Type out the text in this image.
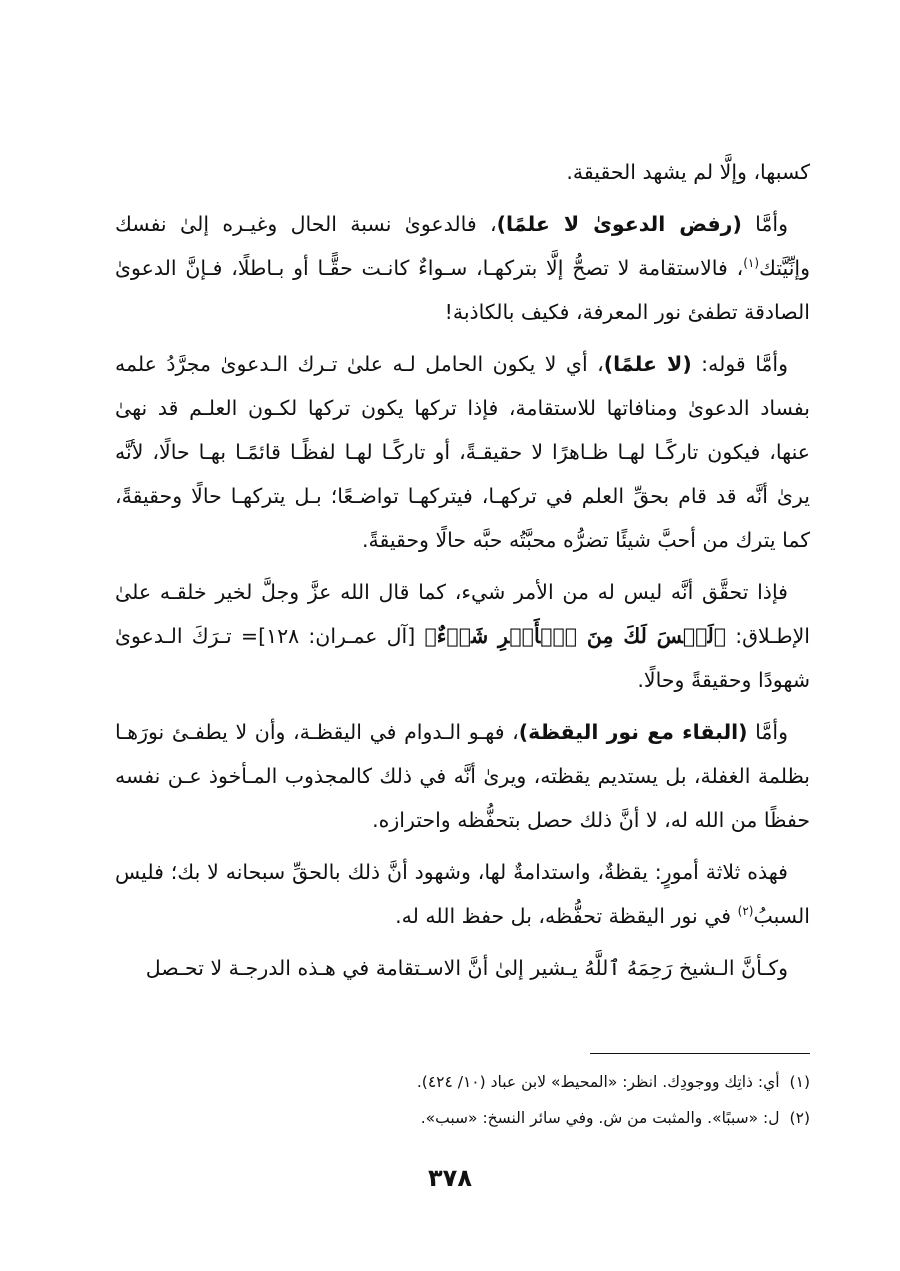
كسبها، وإلَّا لم يشهد الحقيقة.

وأمَّا (رفض الدعوىٰ لا علمًا)، فالدعوىٰ نسبة الحال وغيـره إلىٰ نفسك وإنِّيَّتك$^{(١)}$، فالاستقامة لا تصحُّ إلَّا بتركهـا، سـواءٌ كانـت حقًّـا أو بـاطلًا، فـإنَّ الدعوىٰ الصادقة تطفئ نور المعرفة، فكيف بالكاذبة!

وأمَّا قوله: (لا علمًا)، أي لا يكون الحامل لـه علىٰ تـرك الـدعوىٰ مجرَّدُ علمه بفساد الدعوىٰ ومنافاتها للاستقامة، فإذا تركها يكون تركها لكـون العلـم قد نهىٰ عنها، فيكون تاركًـا لهـا ظـاهرًا لا حقيقـةً، أو تاركًـا لهـا لفظًـا قائمًـا بهـا حالًا، لأنَّه يرىٰ أنَّه قد قام بحقِّ العلم في تركهـا، فيتركهـا تواضـعًا؛ بـل يتركهـا حالًا وحقيقةً، كما يترك من أحبَّ شيئًا تضرُّه محبَّتُه حبَّه حالًا وحقيقةً.

فإذا تحقَّق أنَّه ليس له من الأمر شيء، كما قال الله عزَّ وجلَّ لخير خلقـه علىٰ الإطـلاق: ﴿لَيۡسَ لَكَ مِنَ ٱلۡأَمۡرِ شَيۡءٌ﴾ [آل عمـران: ١٢٨]= تـرَكَ الـدعوىٰ شهودًا وحقيقةً وحالًا.

وأمَّا (البقاء مع نور اليقظة)، فهـو الـدوام في اليقظـة، وأن لا يطفـئ نورَهـا بظلمة الغفلة، بل يستديم يقظته، ويرىٰ أنَّه في ذلك كالمجذوب المـأخوذ عـن نفسه حفظًا من الله له، لا أنَّ ذلك حصل بتحفُّظه واحترازه.

فهذه ثلاثة أمورٍ: يقظةٌ، واستدامةٌ لها، وشهود أنَّ ذلك بالحقِّ سبحانه لا بك؛ فليس السببُ$^{(٢)}$ في نور اليقظة تحفُّظه، بل حفظ الله له.

وكـأنَّ الـشيخ رَحِمَهُ ٱللَّهُ يـشير إلىٰ أنَّ الاسـتقامة في هـذه الدرجـة لا تحـصل

(١)أي: ذاتِك ووجودِك. انظر: «المحيط» لابن عباد (١٠/ ٤٢٤).

(٢)ل: «سببًا». والمثبت من ش. وفي سائر النسخ: «سبب».

٣٧٨
